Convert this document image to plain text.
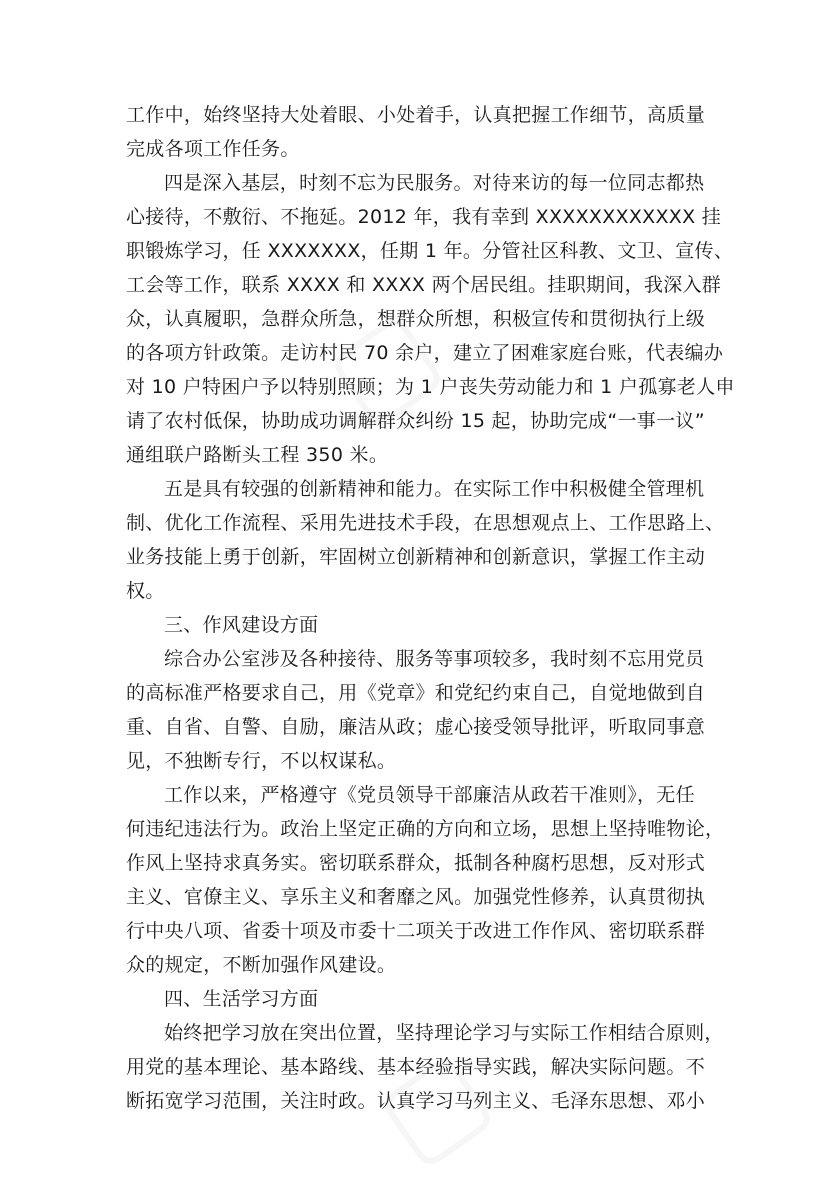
工作中，始终坚持大处着眼、小处着手，认真把握工作细节，高质量
完成各项工作任务。
四是深入基层，时刻不忘为民服务。对待来访的每一位同志都热
心接待，不敷衍、不拖延。2012 年，我有幸到 XXXXXXXXXXXX 挂
职锻炼学习，任 XXXXXXX，任期 1 年。分管社区科教、文卫、宣传、
工会等工作，联系 XXXX 和 XXXX 两个居民组。挂职期间，我深入群
众，认真履职，急群众所急，想群众所想，积极宣传和贯彻执行上级
的各项方针政策。走访村民 70 余户，建立了困难家庭台账，代表编办
对 10 户特困户予以特别照顾；为 1 户丧失劳动能力和 1 户孤寡老人申
请了农村低保，协助成功调解群众纠纷 15 起，协助完成“一事一议”
通组联户路断头工程 350 米。
五是具有较强的创新精神和能力。在实际工作中积极健全管理机
制、优化工作流程、采用先进技术手段，在思想观点上、工作思路上、
业务技能上勇于创新，牢固树立创新精神和创新意识，掌握工作主动
权。
三、作风建设方面
综合办公室涉及各种接待、服务等事项较多，我时刻不忘用党员
的高标准严格要求自己，用《党章》和党纪约束自己，自觉地做到自
重、自省、自警、自励，廉洁从政；虚心接受领导批评，听取同事意
见，不独断专行，不以权谋私。
工作以来，严格遵守《党员领导干部廉洁从政若干准则》，无任
何违纪违法行为。政治上坚定正确的方向和立场，思想上坚持唯物论，
作风上坚持求真务实。密切联系群众，抵制各种腐朽思想，反对形式
主义、官僚主义、享乐主义和奢靡之风。加强党性修养，认真贯彻执
行中央八项、省委十项及市委十二项关于改进工作作风、密切联系群
众的规定，不断加强作风建设。
四、生活学习方面
始终把学习放在突出位置，坚持理论学习与实际工作相结合原则，
用党的基本理论、基本路线、基本经验指导实践，解决实际问题。不
断拓宽学习范围，关注时政。认真学习马列主义、毛泽东思想、邓小
